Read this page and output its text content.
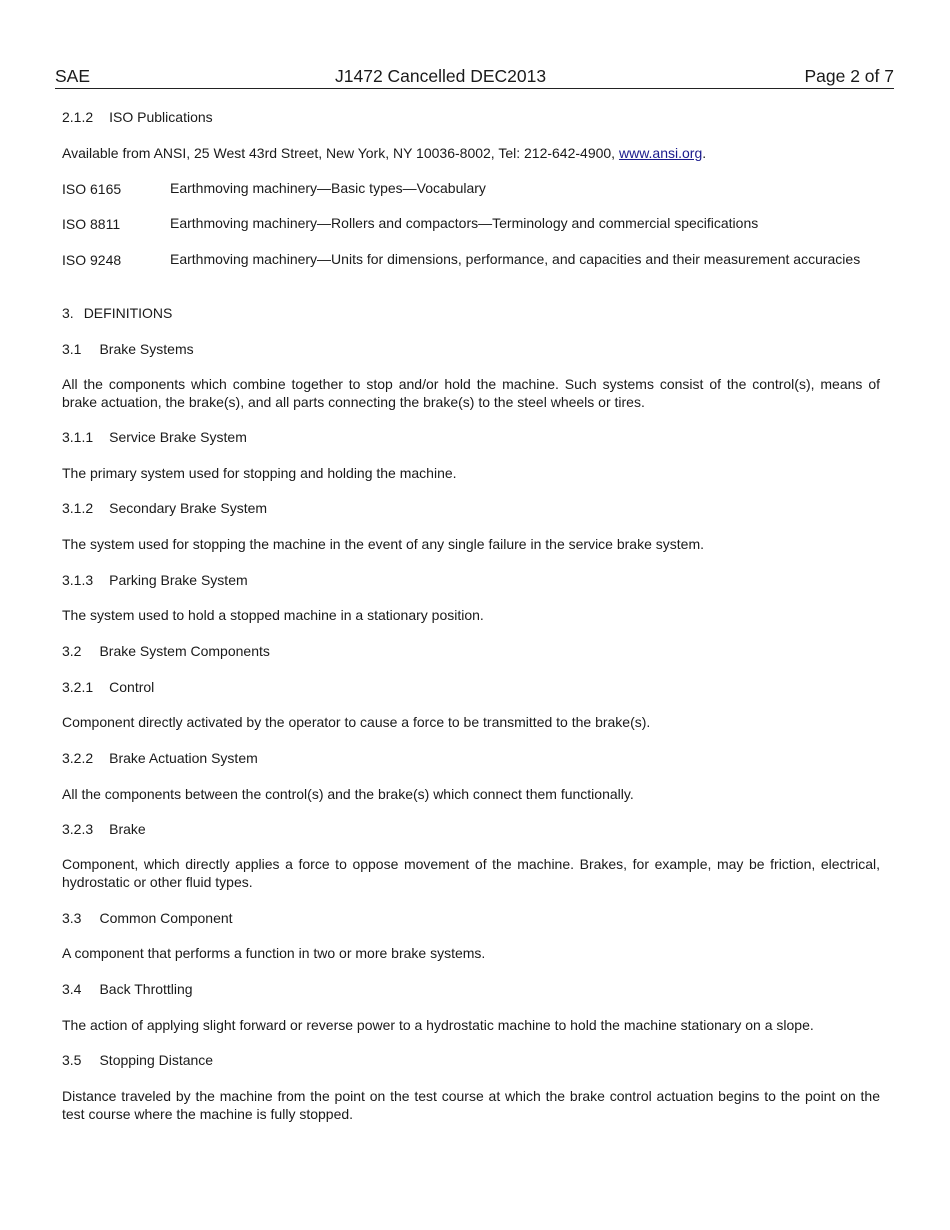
SAE	J1472 Cancelled DEC2013	Page 2 of 7
2.1.2 ISO Publications
Available from ANSI, 25 West 43rd Street, New York, NY 10036-8002, Tel: 212-642-4900, www.ansi.org.
ISO 6165	Earthmoving machinery—Basic types—Vocabulary
ISO 8811	Earthmoving machinery—Rollers and compactors—Terminology and commercial specifications
ISO 9248	Earthmoving machinery—Units for dimensions, performance, and capacities and their measurement accuracies
3. DEFINITIONS
3.1 Brake Systems
All the components which combine together to stop and/or hold the machine. Such systems consist of the control(s), means of brake actuation, the brake(s), and all parts connecting the brake(s) to the steel wheels or tires.
3.1.1 Service Brake System
The primary system used for stopping and holding the machine.
3.1.2 Secondary Brake System
The system used for stopping the machine in the event of any single failure in the service brake system.
3.1.3 Parking Brake System
The system used to hold a stopped machine in a stationary position.
3.2 Brake System Components
3.2.1 Control
Component directly activated by the operator to cause a force to be transmitted to the brake(s).
3.2.2 Brake Actuation System
All the components between the control(s) and the brake(s) which connect them functionally.
3.2.3 Brake
Component, which directly applies a force to oppose movement of the machine. Brakes, for example, may be friction, electrical, hydrostatic or other fluid types.
3.3 Common Component
A component that performs a function in two or more brake systems.
3.4 Back Throttling
The action of applying slight forward or reverse power to a hydrostatic machine to hold the machine stationary on a slope.
3.5 Stopping Distance
Distance traveled by the machine from the point on the test course at which the brake control actuation begins to the point on the test course where the machine is fully stopped.
